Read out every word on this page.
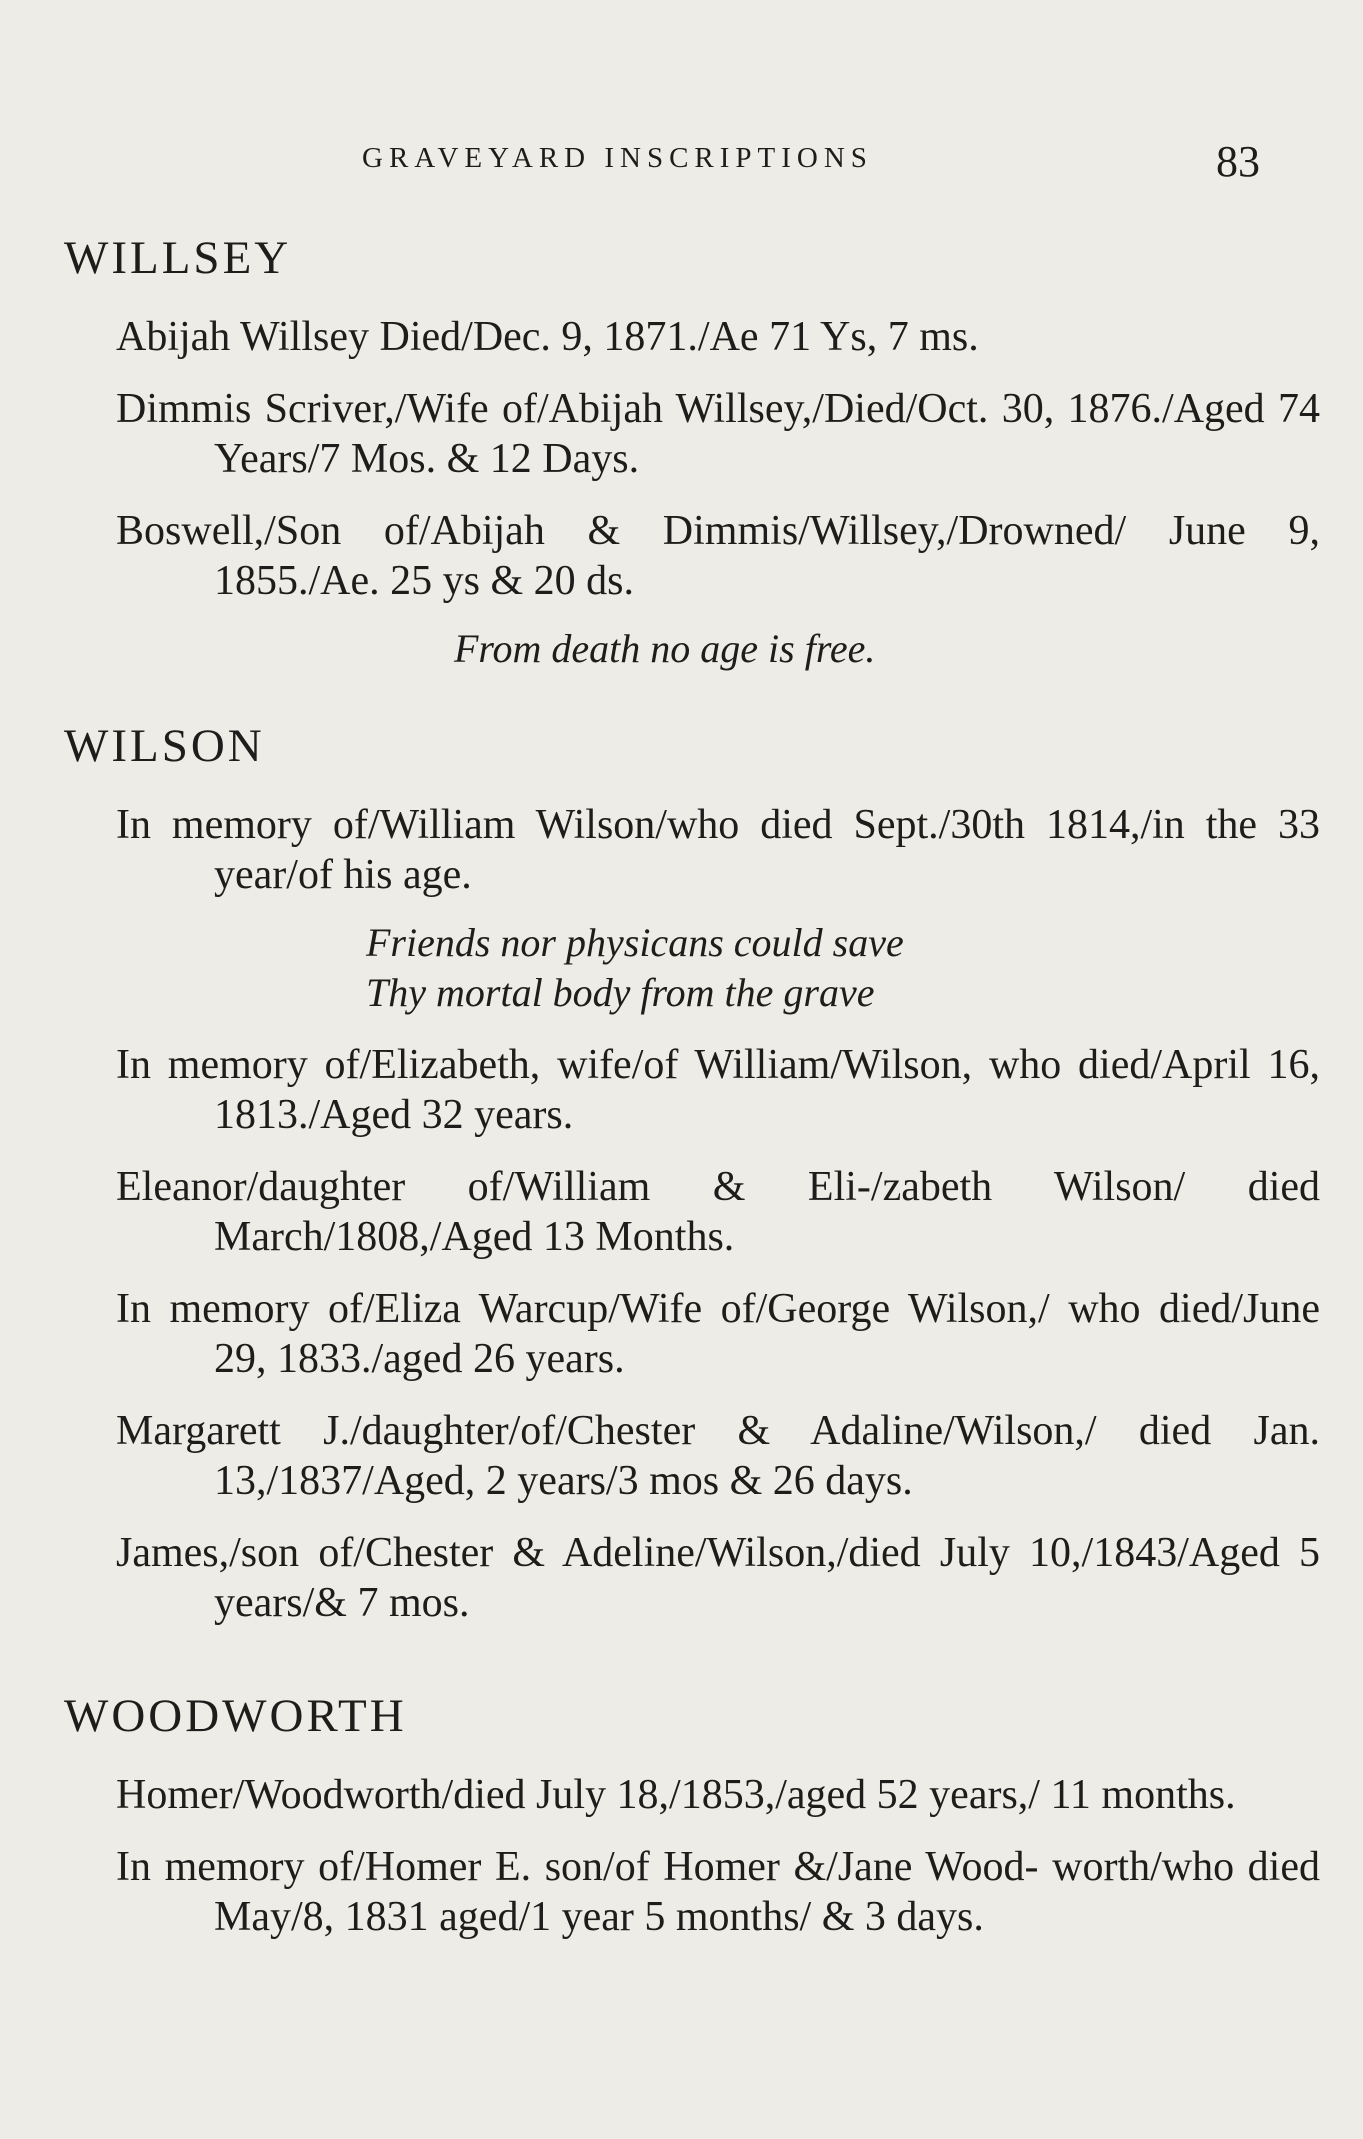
GRAVEYARD INSCRIPTIONS	83
WILLSEY
Abijah Willsey Died/Dec. 9, 1871./Ae 71 Ys, 7 ms.
Dimmis Scriver,/Wife of/Abijah Willsey,/Died/Oct. 30, 1876./Aged 74 Years/7 Mos. & 12 Days.
Boswell,/Son of/Abijah & Dimmis/Willsey,/Drowned/ June 9, 1855./Ae. 25 ys & 20 ds.
From death no age is free.
WILSON
In memory of/William Wilson/who died Sept./30th 1814,/in the 33 year/of his age.
Friends nor physicans could save
Thy mortal body from the grave
In memory of/Elizabeth, wife/of William/Wilson, who died/April 16, 1813./Aged 32 years.
Eleanor/daughter of/William & Eli-/zabeth Wilson/ died March/1808,/Aged 13 Months.
In memory of/Eliza Warcup/Wife of/George Wilson,/ who died/June 29, 1833./aged 26 years.
Margarett J./daughter/of/Chester & Adaline/Wilson,/ died Jan. 13,/1837/Aged, 2 years/3 mos & 26 days.
James,/son of/Chester & Adeline/Wilson,/died July 10,/1843/Aged 5 years/& 7 mos.
WOODWORTH
Homer/Woodworth/died July 18,/1853,/aged 52 years,/ 11 months.
In memory of/Homer E. son/of Homer &/Jane Wood- worth/who died May/8, 1831 aged/1 year 5 months/ & 3 days.
